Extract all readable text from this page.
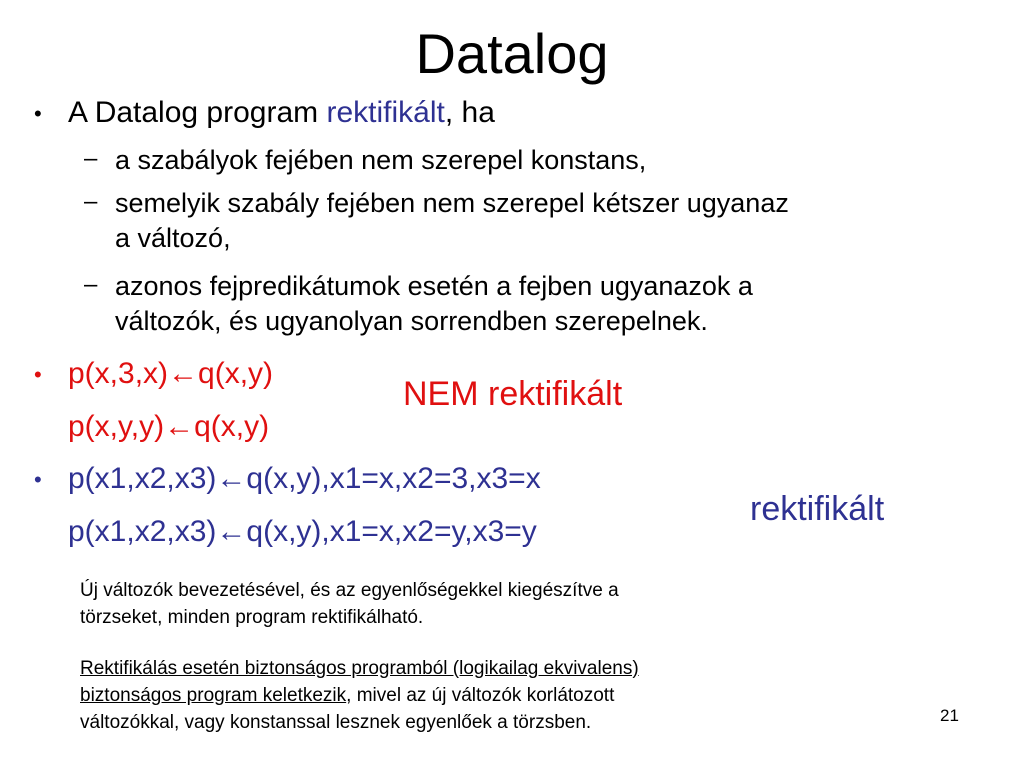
Datalog
• A Datalog program rektifikált, ha
– a szabályok fejében nem szerepel konstans,
– semelyik szabály fejében nem szerepel kétszer ugyanaz
a változó,
– azonos fejpredikátumok esetén a fejben ugyanazok a
változók, és ugyanolyan sorrendben szerepelnek.
• p(x,3,x)←q(x,y)
p(x,y,y)←q(x,y)
NEM rektifikált
• p(x1,x2,x3)←q(x,y),x1=x,x2=3,x3=x
p(x1,x2,x3)←q(x,y),x1=x,x2=y,x3=y
rektifikált
Új változók bevezetésével, és az egyenlőségekkel kiegészítve a
törzseket, minden program rektifikálható.
Rektifikálás esetén biztonságos programból (logikailag ekvivalens)
biztonságos program keletkezik, mivel az új változók korlátozott
változókkal, vagy konstanssal lesznek egyenlőek a törzsben.	21
